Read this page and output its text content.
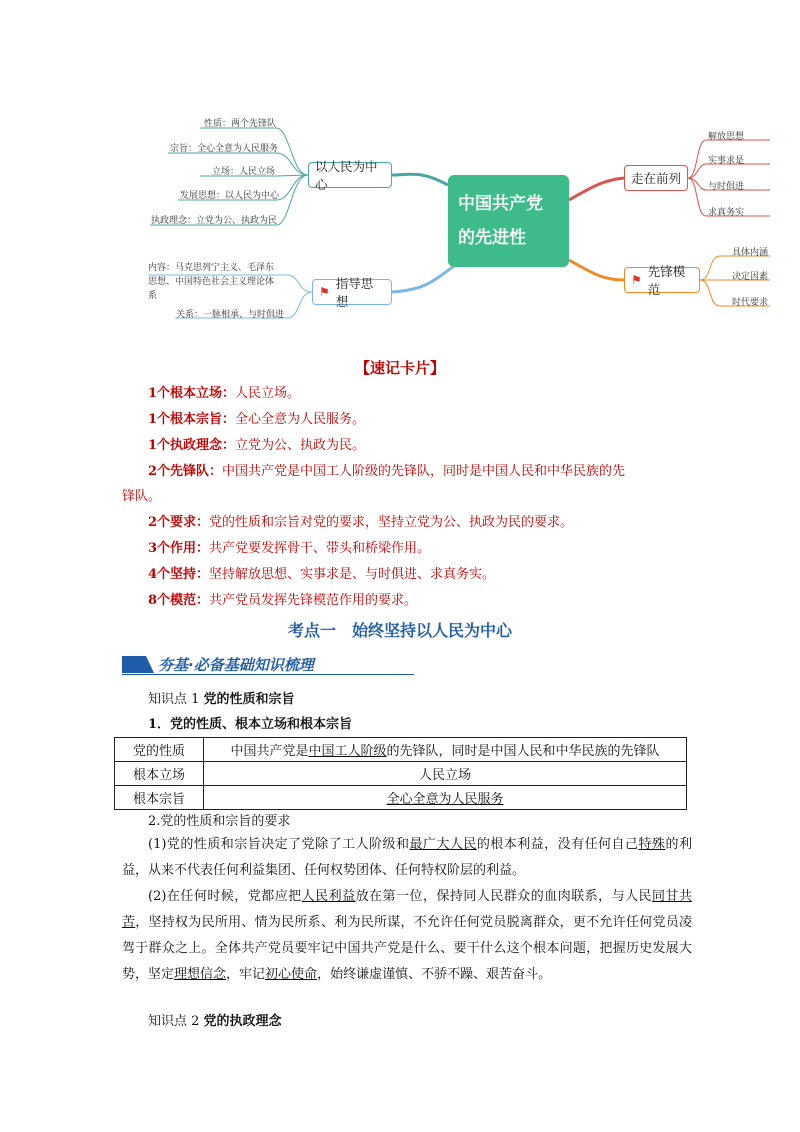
性质：两个先锋队
宗旨：全心全意为人民服务
立场：人民立场
发展思想：以人民为中心
执政理念：立党为公、执政为民
以人民为中心
内容：马克思列宁主义、毛泽东
思想、中国特色社会主义理论体
系
关系：一脉相承、与时俱进
⚑
指导思想
中国共产党
的先进性
走在前列
解放思想
实事求是
与时俱进
求真务实
⚑
先锋模范
具体内涵
决定因素
时代要求
【速记卡片】
1个根本立场：人民立场。
1个根本宗旨：全心全意为人民服务。
1个执政理念：立党为公、执政为民。
2个先锋队：中国共产党是中国工人阶级的先锋队，同时是中国人民和中华民族的先
锋队。
2个要求：党的性质和宗旨对党的要求，坚持立党为公、执政为民的要求。
3个作用：共产党要发挥骨干、带头和桥梁作用。
4个坚持：坚持解放思想、实事求是、与时俱进、求真务实。
8个模范：共产党员发挥先锋模范作用的要求。
考点一　始终坚持以人民为中心
夯基·必备基础知识梳理
知识点 1 党的性质和宗旨
1．党的性质、根本立场和根本宗旨
党的性质	中国共产党是中国工人阶级的先锋队，同时是中国人民和中华民族的先锋队
根本立场	人民立场
根本宗旨	全心全意为人民服务
2.党的性质和宗旨的要求

(1)党的性质和宗旨决定了党除了工人阶级和最广大人民的根本利益，没有任何自己特殊的利益，从来不代表任何利益集团、任何权势团体、任何特权阶层的利益。

(2)在任何时候，党都应把人民利益放在第一位，保持同人民群众的血肉联系，与人民同甘共苦，坚持权为民所用、情为民所系、利为民所谋，不允许任何党员脱离群众，更不允许任何党员凌驾于群众之上。全体共产党员要牢记中国共产党是什么、要干什么这个根本问题，把握历史发展大势，坚定理想信念，牢记初心使命，始终谦虚谨慎、不骄不躁、艰苦奋斗。

知识点 2 党的执政理念
